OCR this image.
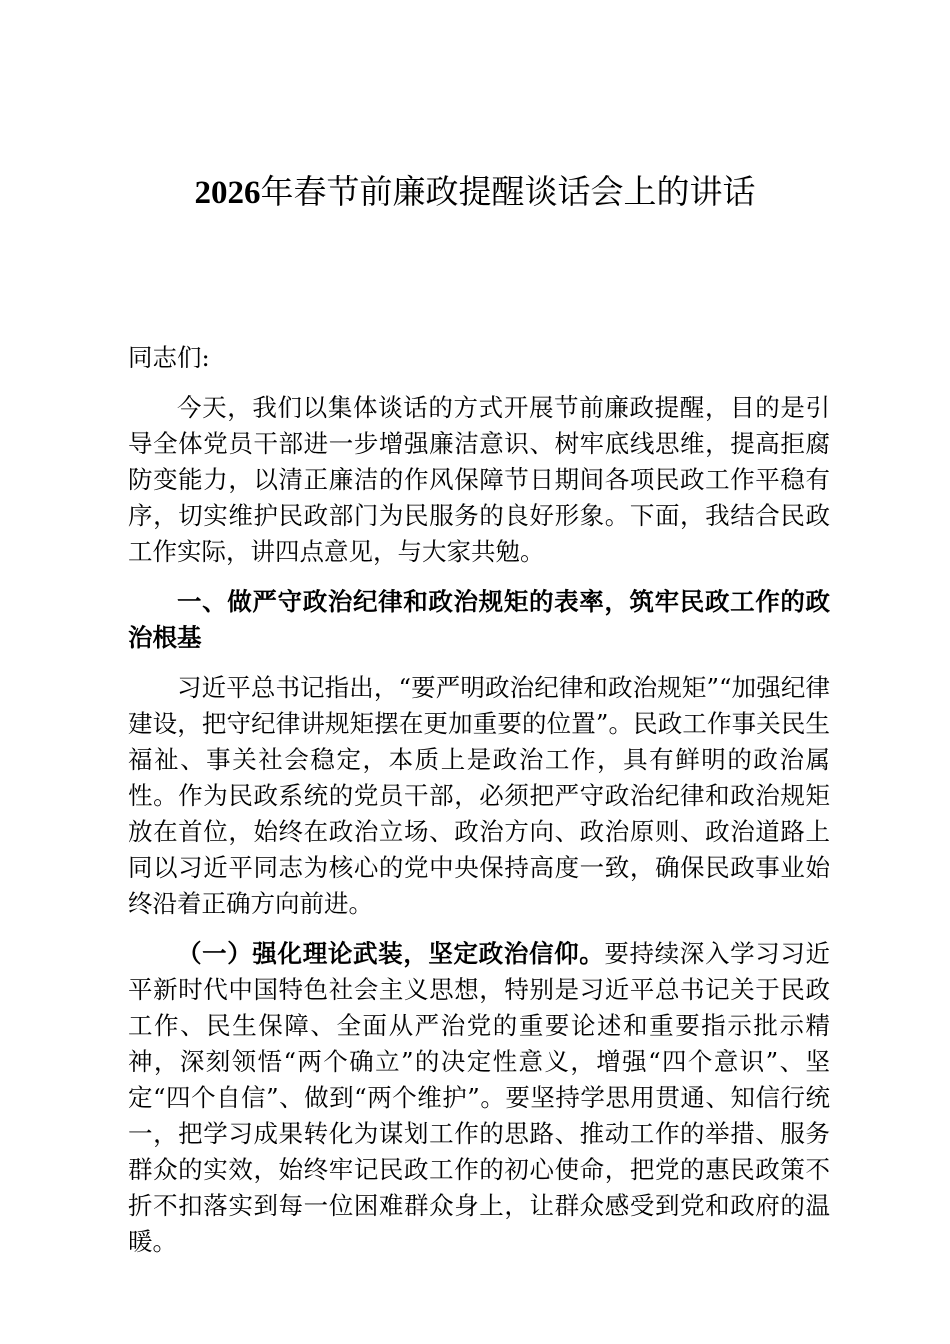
2026年春节前廉政提醒谈话会上的讲话

同志们:

今天，我们以集体谈话的方式开展节前廉政提醒，目的是引导全体党员干部进一步增强廉洁意识、树牢底线思维，提高拒腐防变能力，以清正廉洁的作风保障节日期间各项民政工作平稳有序，切实维护民政部门为民服务的良好形象。下面，我结合民政工作实际，讲四点意见，与大家共勉。

一、做严守政治纪律和政治规矩的表率，筑牢民政工作的政治根基

习近平总书记指出，“要严明政治纪律和政治规矩”“加强纪律建设，把守纪律讲规矩摆在更加重要的位置”。民政工作事关民生福祉、事关社会稳定，本质上是政治工作，具有鲜明的政治属性。作为民政系统的党员干部，必须把严守政治纪律和政治规矩放在首位，始终在政治立场、政治方向、政治原则、政治道路上同以习近平同志为核心的党中央保持高度一致，确保民政事业始终沿着正确方向前进。

（一）强化理论武装，坚定政治信仰。要持续深入学习习近平新时代中国特色社会主义思想，特别是习近平总书记关于民政工作、民生保障、全面从严治党的重要论述和重要指示批示精神，深刻领悟“两个确立”的决定性意义，增强“四个意识”、坚定“四个自信”、做到“两个维护”。要坚持学思用贯通、知信行统一，把学习成果转化为谋划工作的思路、推动工作的举措、服务群众的实效，始终牢记民政工作的初心使命，把党的惠民政策不折不扣落实到每一位困难群众身上，让群众感受到党和政府的温暖。
